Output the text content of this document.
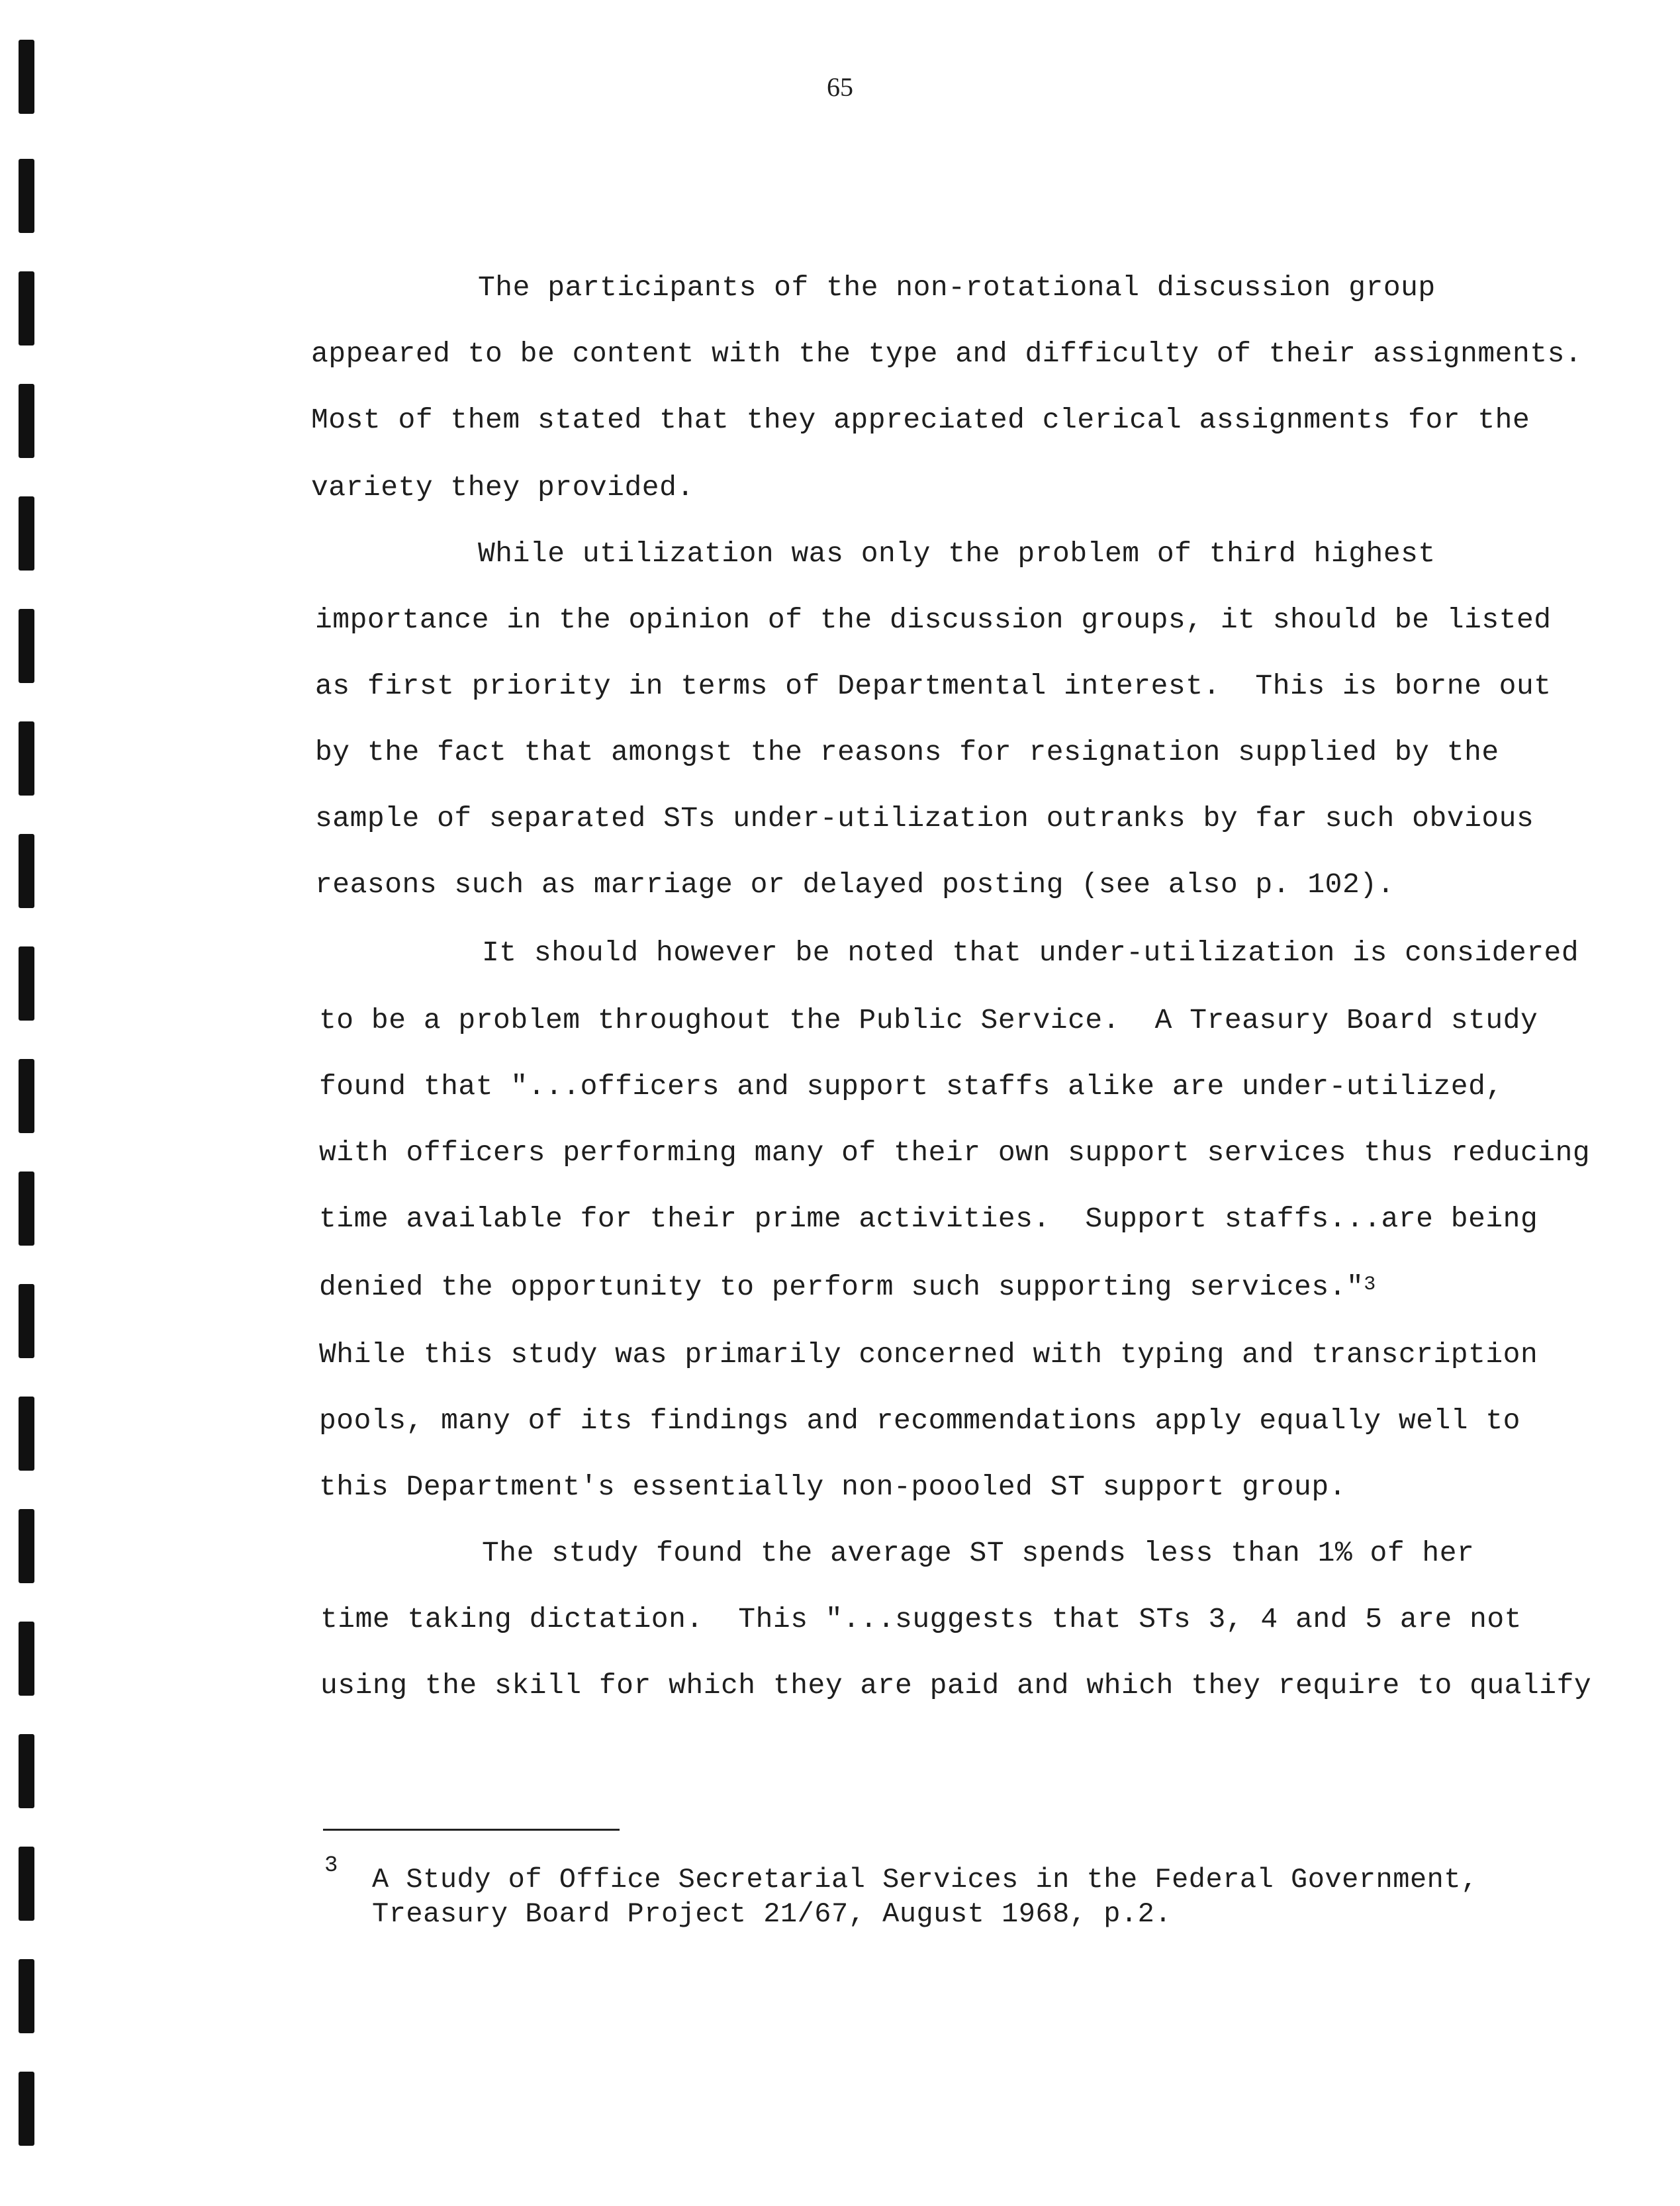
65
The participants of the non-rotational discussion group
appeared to be content with the type and difficulty of their assignments.
Most of them stated that they appreciated clerical assignments for the
variety they provided.
While utilization was only the problem of third highest
importance in the opinion of the discussion groups, it should be listed
as first priority in terms of Departmental interest.  This is borne out
by the fact that amongst the reasons for resignation supplied by the
sample of separated STs under-utilization outranks by far such obvious
reasons such as marriage or delayed posting (see also p. 102).
It should however be noted that under-utilization is considered
to be a problem throughout the Public Service.  A Treasury Board study
found that "...officers and support staffs alike are under-utilized,
with officers performing many of their own support services thus reducing
time available for their prime activities.  Support staffs...are being
denied the opportunity to perform such supporting services."$^3$
While this study was primarily concerned with typing and transcription
pools, many of its findings and recommendations apply equally well to
this Department's essentially non-poooled ST support group.
The study found the average ST spends less than 1% of her
time taking dictation.  This "...suggests that STs 3, 4 and 5 are not
using the skill for which they are paid and which they require to qualify
3 A Study of Office Secretarial Services in the Federal Government,
Treasury Board Project 21/67, August 1968, p.2.
